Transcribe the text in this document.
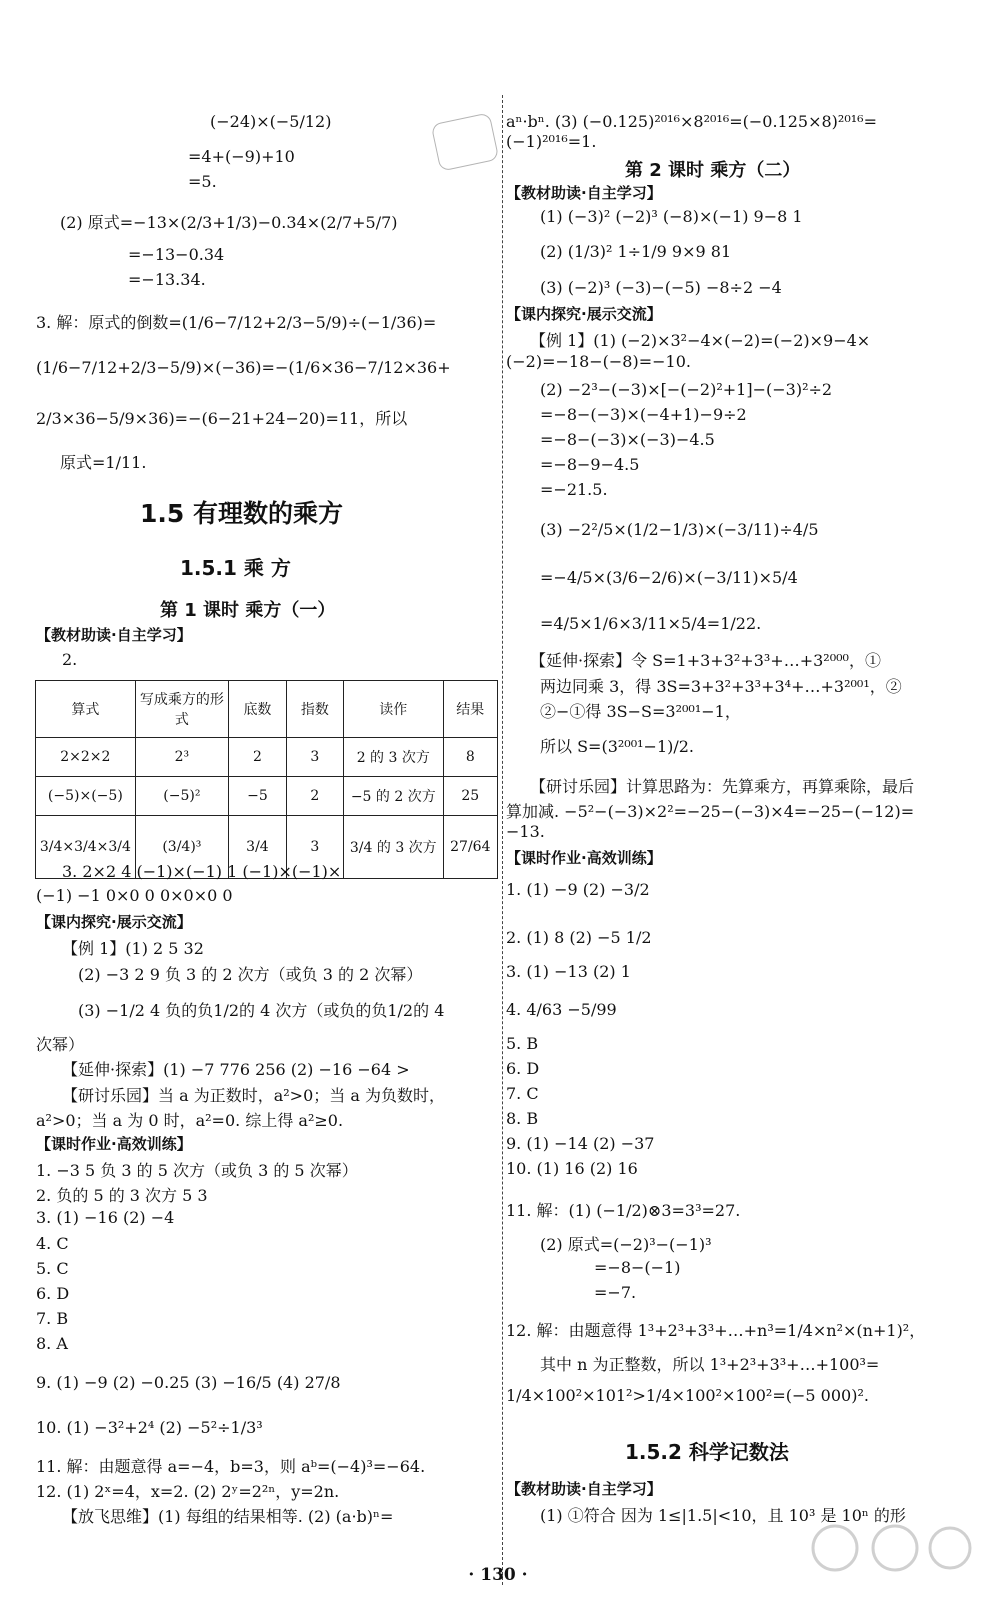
(−24)×(−5/12)
=4+(−9)+10
=5.
(2) 原式=−13×(2/3+1/3)−0.34×(2/7+5/7)
=−13−0.34
=−13.34.
3. 解：原式的倒数=(1/6−7/12+2/3−5/9)÷(−1/36)=
(1/6−7/12+2/3−5/9)×(−36)=−(1/6×36−7/12×36+
2/3×36−5/9×36)=−(6−21+24−20)=11，所以
原式=1/11.
1.5 有理数的乘方
1.5.1 乘 方
第 1 课时 乘方（一）
【教材助读·自主学习】
2.
算式	写成乘方的形式	底数	指数	读作	结果
2×2×2	2³	2	3	2 的 3 次方	8
(−5)×(−5)	(−5)²	−5	2	−5 的 2 次方	25
3/4×3/4×3/4	(3/4)³	3/4	3	3/4 的 3 次方	27/64
3. 2×2 4 (−1)×(−1) 1 (−1)×(−1)×
(−1) −1 0×0 0 0×0×0 0
【课内探究·展示交流】
【例 1】(1) 2 5 32
(2) −3 2 9 负 3 的 2 次方（或负 3 的 2 次幂）
(3) −1/2 4 负的负1/2的 4 次方（或负的负1/2的 4
次幂）
【延伸·探索】(1) −7 776 256 (2) −16 −64 >
【研讨乐园】当 a 为正数时，a²>0；当 a 为负数时，
a²>0；当 a 为 0 时，a²=0. 综上得 a²≥0.
【课时作业·高效训练】
1. −3 5 负 3 的 5 次方（或负 3 的 5 次幂）
2. 负的 5 的 3 次方 5 3
3. (1) −16 (2) −4
4. C
5. C
6. D
7. B
8. A
9. (1) −9 (2) −0.25 (3) −16/5 (4) 27/8
10. (1) −3²+2⁴ (2) −5²÷1/3³
11. 解：由题意得 a=−4，b=3，则 aᵇ=(−4)³=−64.
12. (1) 2ˣ=4，x=2. (2) 2ʸ=2²ⁿ，y=2n.
【放飞思维】(1) 每组的结果相等. (2) (a·b)ⁿ=
aⁿ·bⁿ. (3) (−0.125)²⁰¹⁶×8²⁰¹⁶=(−0.125×8)²⁰¹⁶=
(−1)²⁰¹⁶=1.
第 2 课时 乘方（二）
【教材助读·自主学习】
(1) (−3)² (−2)³ (−8)×(−1) 9−8 1
(2) (1/3)² 1÷1/9 9×9 81
(3) (−2)³ (−3)−(−5) −8÷2 −4
【课内探究·展示交流】
【例 1】(1) (−2)×3²−4×(−2)=(−2)×9−4×
(−2)=−18−(−8)=−10.
(2) −2³−(−3)×[−(−2)²+1]−(−3)²÷2
=−8−(−3)×(−4+1)−9÷2
=−8−(−3)×(−3)−4.5
=−8−9−4.5
=−21.5.
(3) −2²/5×(1/2−1/3)×(−3/11)÷4/5
=−4/5×(3/6−2/6)×(−3/11)×5/4
=4/5×1/6×3/11×5/4=1/22.
【延伸·探索】令 S=1+3+3²+3³+…+3²⁰⁰⁰，①
两边同乘 3，得 3S=3+3²+3³+3⁴+…+3²⁰⁰¹，②
②−①得 3S−S=3²⁰⁰¹−1，
所以 S=(3²⁰⁰¹−1)/2.
【研讨乐园】计算思路为：先算乘方，再算乘除，最后
算加减. −5²−(−3)×2²=−25−(−3)×4=−25−(−12)=
−13.
【课时作业·高效训练】
1. (1) −9 (2) −3/2
2. (1) 8 (2) −5 1/2
3. (1) −13 (2) 1
4. 4/63 −5/99
5. B
6. D
7. C
8. B
9. (1) −14 (2) −37
10. (1) 16 (2) 16
11. 解：(1) (−1/2)⊗3=3³=27.
(2) 原式=(−2)³−(−1)³
=−8−(−1)
=−7.
12. 解：由题意得 1³+2³+3³+…+n³=1/4×n²×(n+1)²，
其中 n 为正整数，所以 1³+2³+3³+…+100³=
1/4×100²×101²>1/4×100²×100²=(−5 000)².
1.5.2 科学记数法
【教材助读·自主学习】
(1) ①符合 因为 1≤|1.5|<10，且 10³ 是 10ⁿ 的形
· 130 ·
